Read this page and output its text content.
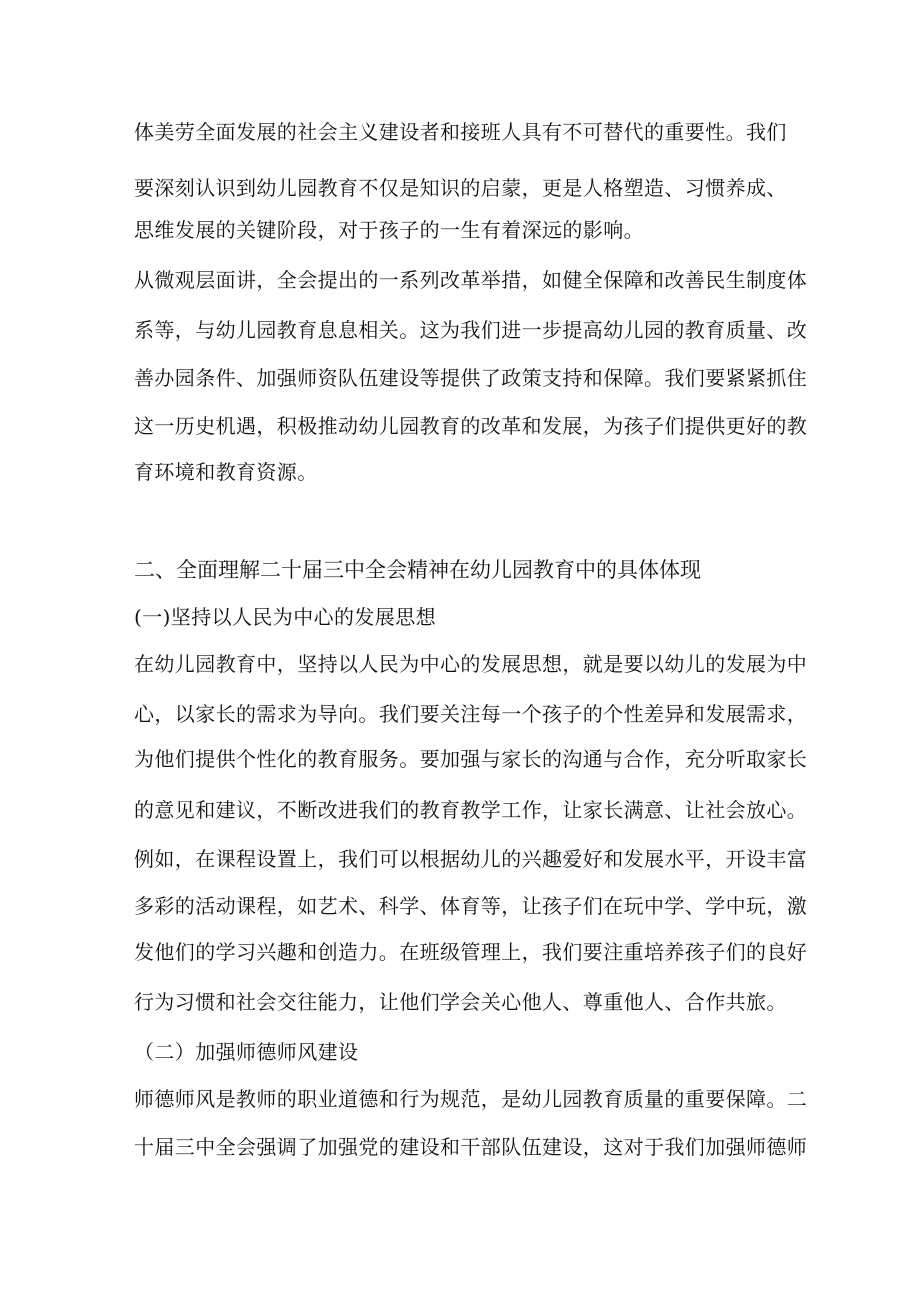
体美劳全面发展的社会主义建设者和接班人具有不可替代的重要性。我们
要深刻认识到幼儿园教育不仅是知识的启蒙，更是人格塑造、习惯养成、
思维发展的关键阶段，对于孩子的一生有着深远的影响。
从微观层面讲，全会提出的一系列改革举措，如健全保障和改善民生制度体
系等，与幼儿园教育息息相关。这为我们进一步提高幼儿园的教育质量、改
善办园条件、加强师资队伍建设等提供了政策支持和保障。我们要紧紧抓住
这一历史机遇，积极推动幼儿园教育的改革和发展，为孩子们提供更好的教
育环境和教育资源。
二、全面理解二十届三中全会精神在幼儿园教育中的具体体现
(一)坚持以人民为中心的发展思想
在幼儿园教育中，坚持以人民为中心的发展思想，就是要以幼儿的发展为中
心，以家长的需求为导向。我们要关注每一个孩子的个性差异和发展需求，
为他们提供个性化的教育服务。要加强与家长的沟通与合作，充分听取家长
的意见和建议，不断改进我们的教育教学工作，让家长满意、让社会放心。
例如，在课程设置上，我们可以根据幼儿的兴趣爱好和发展水平，开设丰富
多彩的活动课程，如艺术、科学、体育等，让孩子们在玩中学、学中玩，激
发他们的学习兴趣和创造力。在班级管理上，我们要注重培养孩子们的良好
行为习惯和社会交往能力，让他们学会关心他人、尊重他人、合作共旅。
（二）加强师德师风建设
师德师风是教师的职业道德和行为规范，是幼儿园教育质量的重要保障。二
十届三中全会强调了加强党的建设和干部队伍建设，这对于我们加强师德师
